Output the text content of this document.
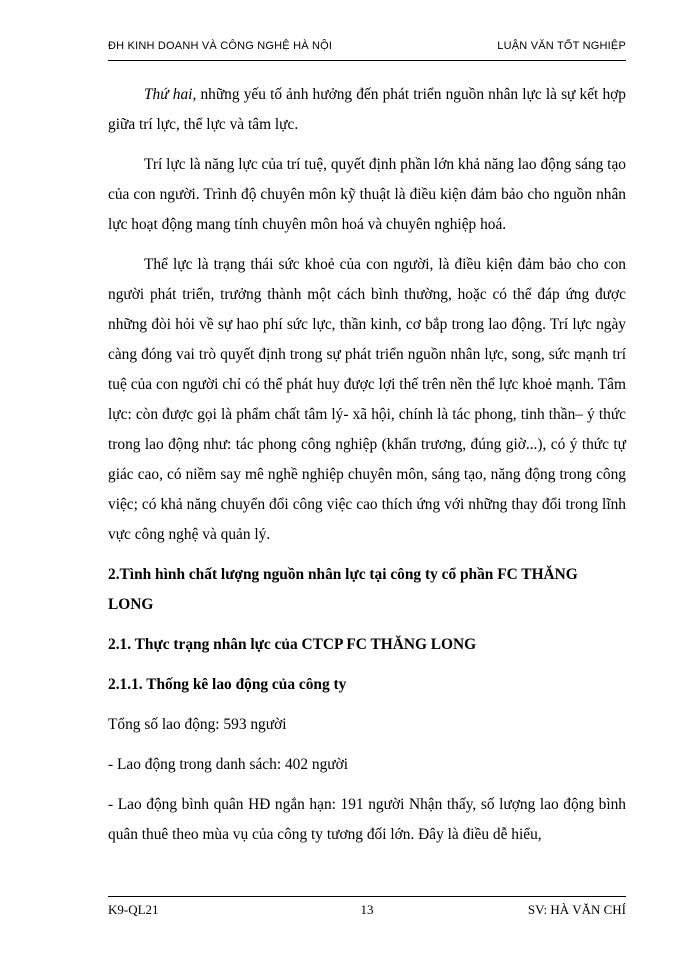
ĐH KINH DOANH VÀ CÔNG NGHỆ HÀ NỘI	LUẬN VĂN TỐT NGHIỆP

Thứ hai, những yếu tố ảnh hưởng đến phát triển nguồn nhân lực là sự kết hợp giữa trí lực, thể lực và tâm lực.

Trí lực là năng lực của trí tuệ, quyết định phần lớn khả năng lao động sáng tạo của con người. Trình độ chuyên môn kỹ thuật là điều kiện đảm bảo cho nguồn nhân lực hoạt động mang tính chuyên môn hoá và chuyên nghiệp hoá.

Thể lực là trạng thái sức khoẻ của con người, là điều kiện đảm bảo cho con người phát triển, trưởng thành một cách bình thường, hoặc có thể đáp ứng được những đòi hỏi về sự hao phí sức lực, thần kinh, cơ bắp trong lao động. Trí lực ngày càng đóng vai trò quyết định trong sự phát triển nguồn nhân lực, song, sức mạnh trí tuệ của con người chỉ có thể phát huy được lợi thế trên nền thể lực khoẻ mạnh. Tâm lực: còn được gọi là phẩm chất tâm lý- xã hội, chính là tác phong, tinh thần– ý thức trong lao động như: tác phong công nghiệp (khẩn trương, đúng giờ...), có ý thức tự giác cao, có niềm say mê nghề nghiệp chuyên môn, sáng tạo, năng động trong công việc; có khả năng chuyển đổi công việc cao thích ứng với những thay đổi trong lĩnh vực công nghệ và quản lý.

2.Tình hình chất lượng nguồn nhân lực tại công ty cổ phần FC THĂNG LONG
2.1. Thực trạng nhân lực của CTCP FC THĂNG LONG
2.1.1. Thống kê lao động của công ty

Tổng số lao động: 593 người

- Lao động trong danh sách: 402 người

- Lao động bình quân HĐ ngắn hạn: 191 người Nhận thấy, số lượng lao động bình quân thuê theo mùa vụ của công ty tương đối lớn. Đây là điều dễ hiểu,

K9-QL21	13	SV: HÀ VĂN CHÍ
